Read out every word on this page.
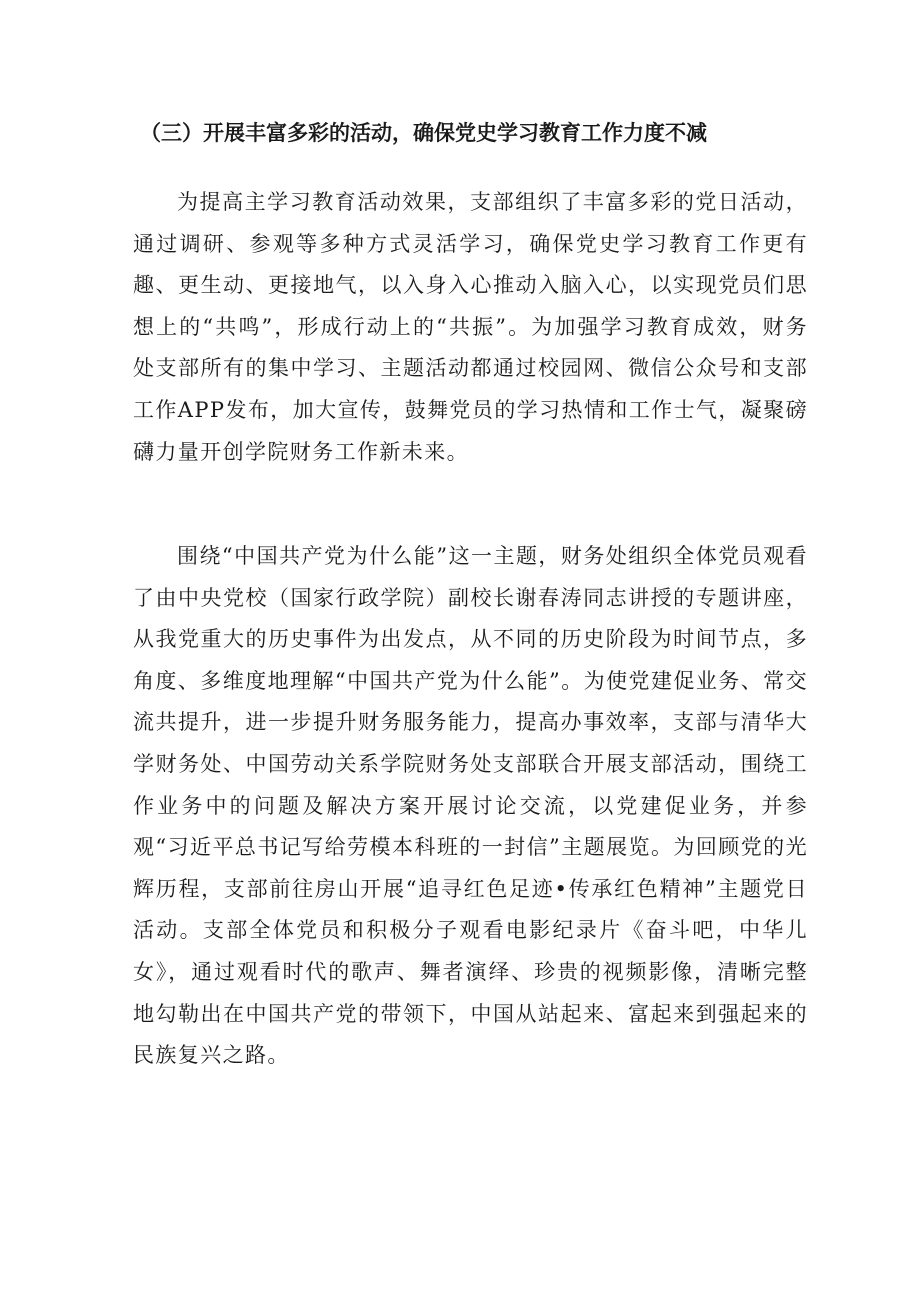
（三）开展丰富多彩的活动，确保党史学习教育工作力度不减

为提高主学习教育活动效果，支部组织了丰富多彩的党日活动，通过调研、参观等多种方式灵活学习，确保党史学习教育工作更有趣、更生动、更接地气，以入身入心推动入脑入心，以实现党员们思想上的“共鸣”，形成行动上的“共振”。为加强学习教育成效，财务处支部所有的集中学习、主题活动都通过校园网、微信公众号和支部工作APP发布，加大宣传，鼓舞党员的学习热情和工作士气，凝聚磅礴力量开创学院财务工作新未来。

围绕“中国共产党为什么能”这一主题，财务处组织全体党员观看了由中央党校（国家行政学院）副校长谢春涛同志讲授的专题讲座，从我党重大的历史事件为出发点，从不同的历史阶段为时间节点，多角度、多维度地理解“中国共产党为什么能”。为使党建促业务、常交流共提升，进一步提升财务服务能力，提高办事效率，支部与清华大学财务处、中国劳动关系学院财务处支部联合开展支部活动，围绕工作业务中的问题及解决方案开展讨论交流，以党建促业务，并参观“习近平总书记写给劳模本科班的一封信”主题展览。为回顾党的光辉历程，支部前往房山开展“追寻红色足迹•传承红色精神”主题党日活动。支部全体党员和积极分子观看电影纪录片《奋斗吧，中华儿女》，通过观看时代的歌声、舞者演绎、珍贵的视频影像，清晰完整地勾勒出在中国共产党的带领下，中国从站起来、富起来到强起来的民族复兴之路。
